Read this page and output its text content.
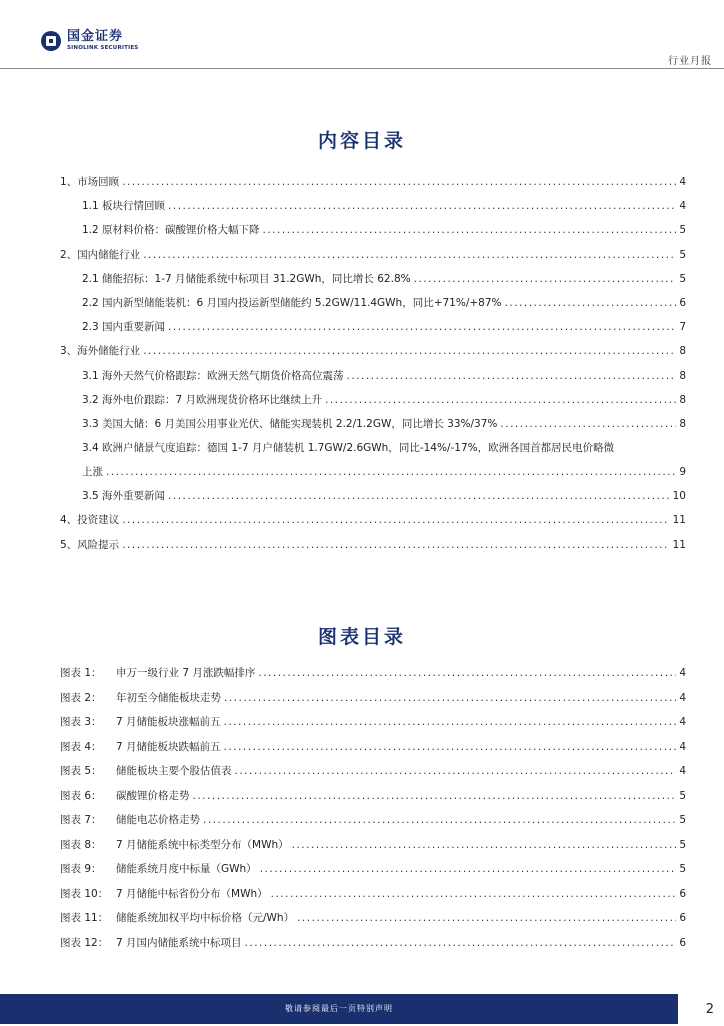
国金证券
SINOLINK SECURITIES
行业月报
内容目录
1、市场回顾 .....	4
1.1 板块行情回顾 .....	4
1.2 原材料价格：碳酸锂价格大幅下降 .....	5
2、国内储能行业 .....	5
2.1 储能招标：1-7 月储能系统中标项目 31.2GWh，同比增长 62.8% .....	5
2.2 国内新型储能装机：6 月国内投运新型储能约 5.2GW/11.4GWh，同比+71%/+87% .....	6
2.3 国内重要新闻 .....	7
3、海外储能行业 .....	8
3.1 海外天然气价格跟踪：欧洲天然气期货价格高位震荡 .....	8
3.2 海外电价跟踪：7 月欧洲现货价格环比继续上升 .....	8
3.3 美国大储：6 月美国公用事业光伏、储能实现装机 2.2/1.2GW，同比增长 33%/37% .....	8
3.4 欧洲户储景气度追踪：德国 1-7 月户储装机 1.7GW/2.6GWh，同比-14%/-17%，欧洲各国首都居民电价略微
上涨 .....	9
3.5 海外重要新闻 .....	10
4、投资建议 .....	11
5、风险提示 .....	11
图表目录
图表 1：	申万一级行业 7 月涨跌幅排序 .....	4
图表 2：	年初至今储能板块走势 .....	4
图表 3：	7 月储能板块涨幅前五 .....	4
图表 4：	7 月储能板块跌幅前五 .....	4
图表 5：	储能板块主要个股估值表 .....	4
图表 6：	碳酸锂价格走势 .....	5
图表 7：	储能电芯价格走势 .....	5
图表 8：	7 月储能系统中标类型分布（MWh） .....	5
图表 9：	储能系统月度中标量（GWh） .....	5
图表 10： 7 月储能中标省份分布（MWh） .....	6
图表 11： 储能系统加权平均中标价格（元/Wh） .....	6
图表 12： 7 月国内储能系统中标项目 .....	6
敬请参阅最后一页特别声明	2
